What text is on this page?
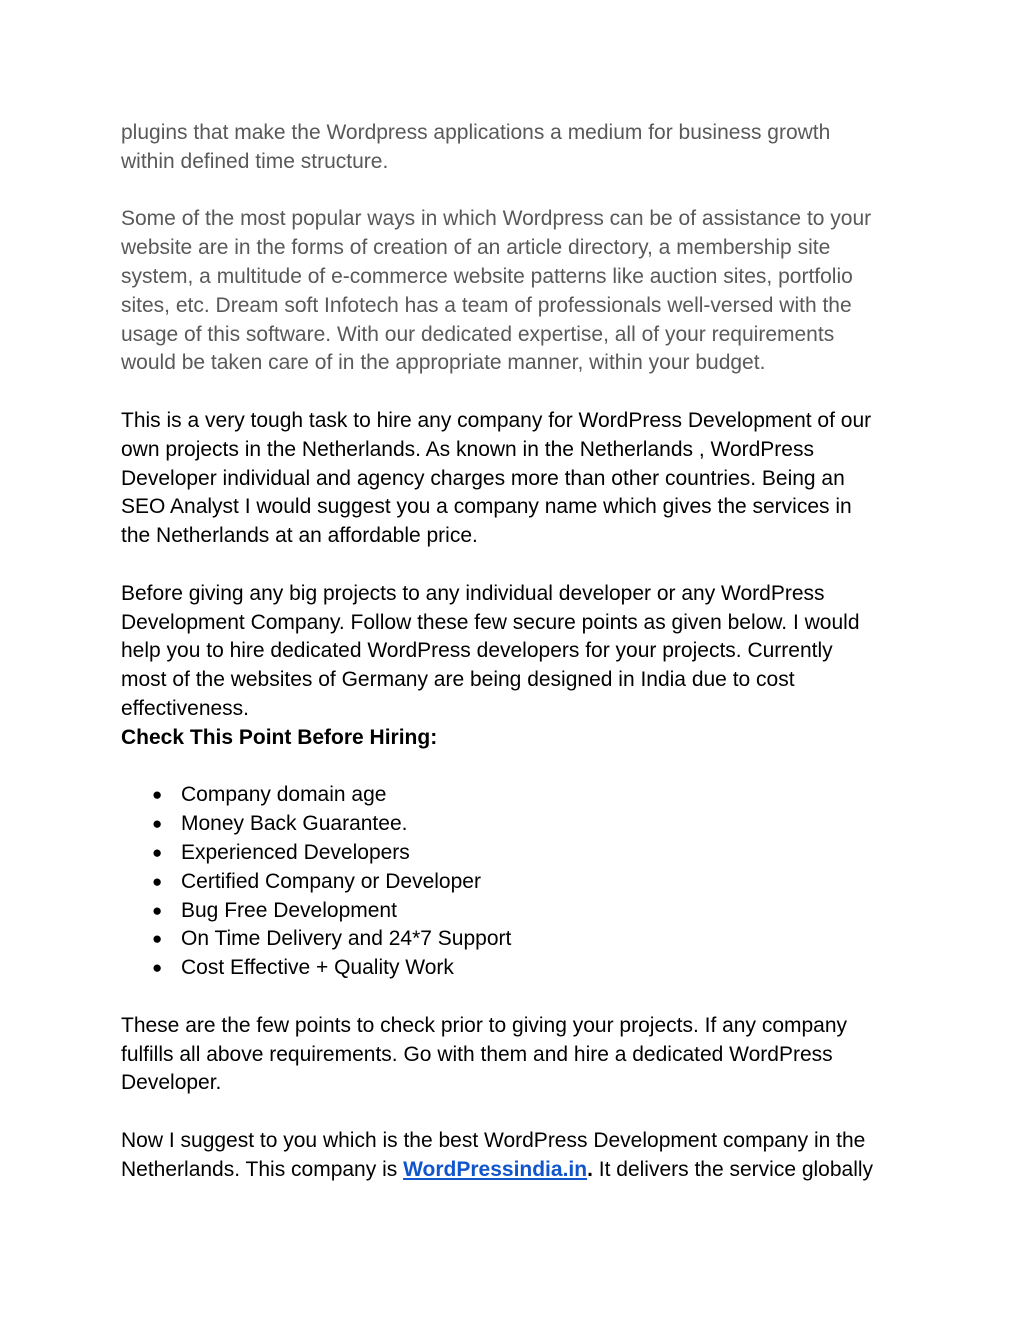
plugins that make the Wordpress applications a medium for business growth

within defined time structure.

Some of the most popular ways in which Wordpress can be of assistance to your

website are in the forms of creation of an article directory, a membership site

system, a multitude of e-commerce website patterns like auction sites, portfolio

sites, etc. Dream soft Infotech has a team of professionals well-versed with the

usage of this software. With our dedicated expertise, all of your requirements

would be taken care of in the appropriate manner, within your budget.

This is a very tough task to hire any company for WordPress Development of our

own projects in the Netherlands. As known in the Netherlands , WordPress

Developer individual and agency charges more than other countries. Being an

SEO Analyst I would suggest you a company name which gives the services in

the Netherlands at an affordable price.

Before giving any big projects to any individual developer or any WordPress

Development Company. Follow these few secure points as given below. I would

help you to hire dedicated WordPress developers for your projects. Currently

most of the websites of Germany are being designed in India due to cost

effectiveness.

Check This Point Before Hiring:

● Company domain age
● Money Back Guarantee.
● Experienced Developers
● Certified Company or Developer
● Bug Free Development
● On Time Delivery and 24*7 Support
● Cost Effective + Quality Work

These are the few points to check prior to giving your projects. If any company

fulfills all above requirements. Go with them and hire a dedicated WordPress

Developer.

Now I suggest to you which is the best WordPress Development company in the

Netherlands. This company is WordPressindia.in. It delivers the service globally
